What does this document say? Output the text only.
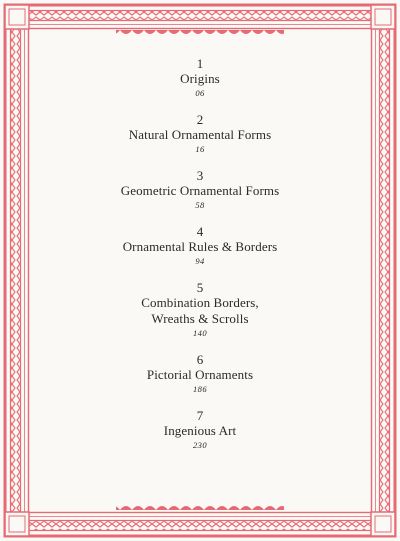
1
Origins
06
2
Natural Ornamental Forms
16
3
Geometric Ornamental Forms
58
4
Ornamental Rules & Borders
94
5
Combination Borders,
Wreaths & Scrolls
140
6
Pictorial Ornaments
186
7
Ingenious Art
230
